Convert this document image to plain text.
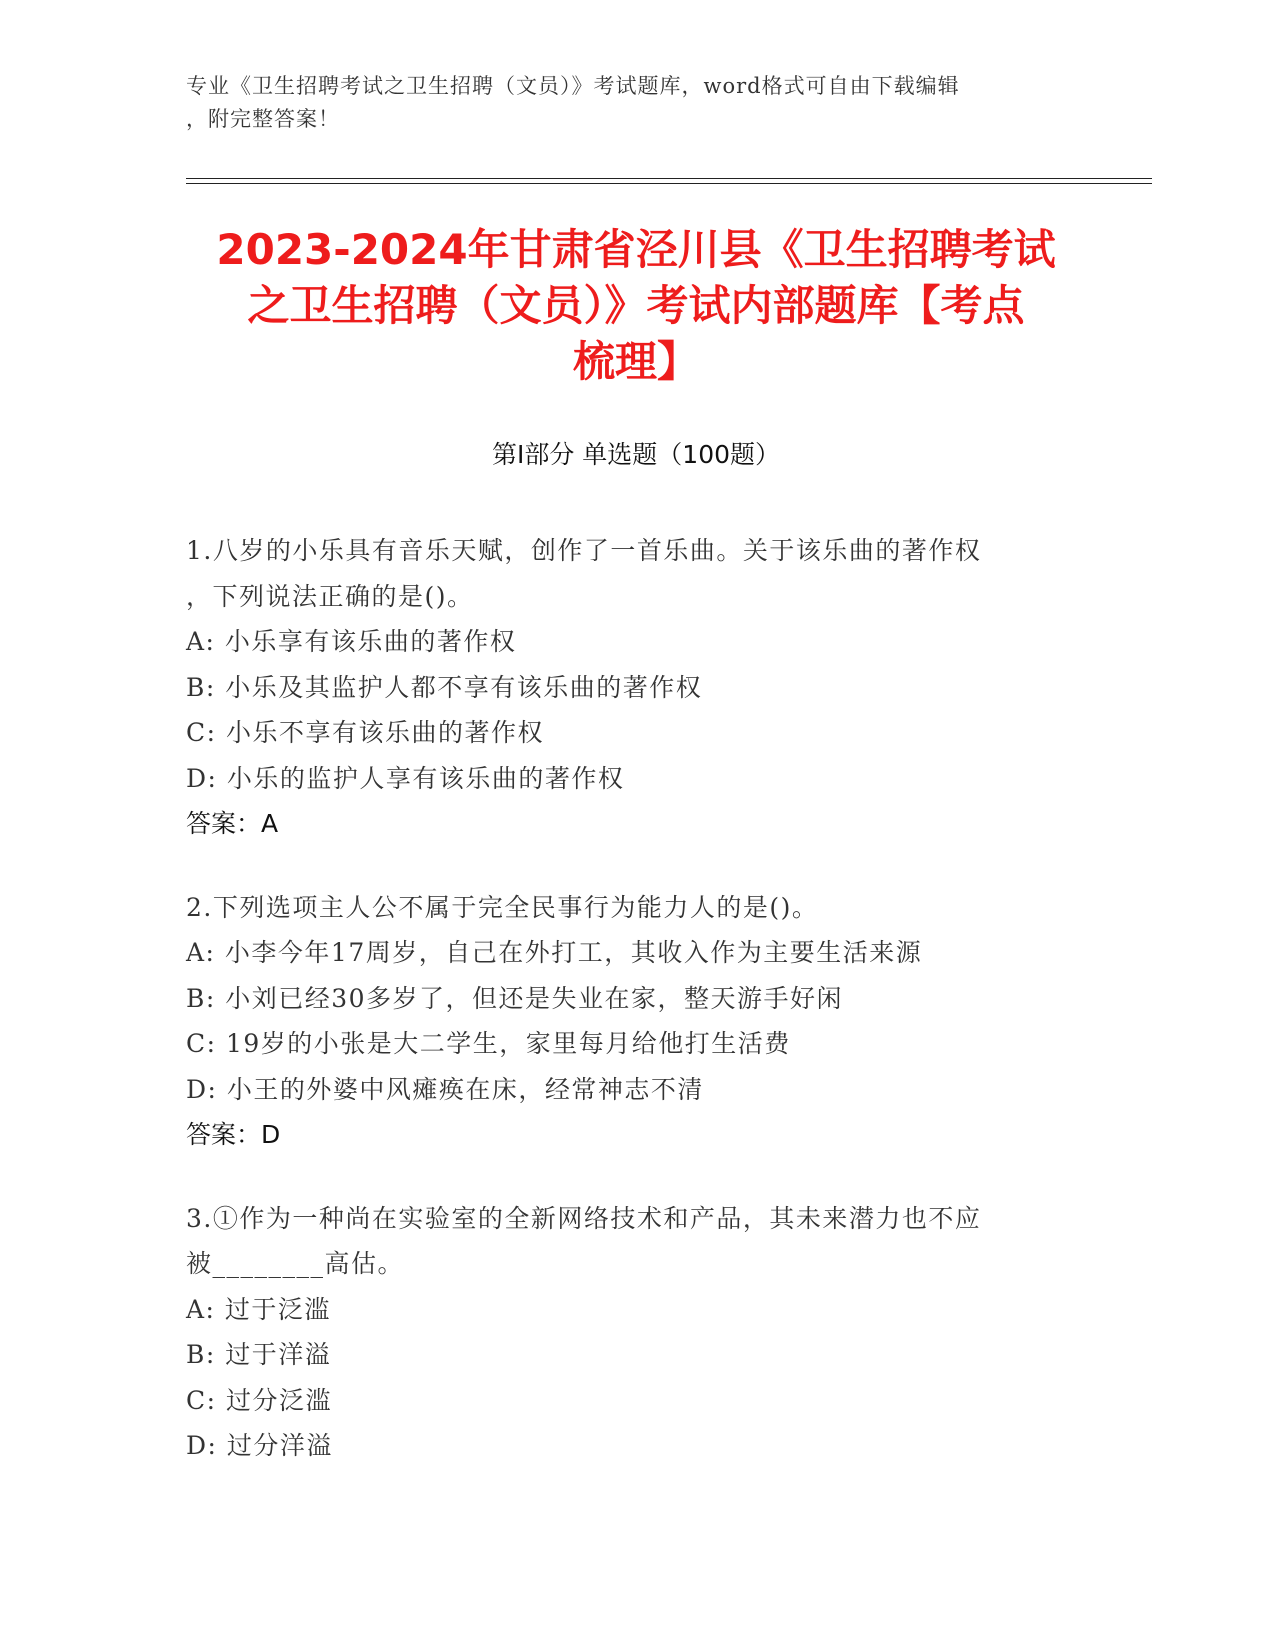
专业《卫生招聘考试之卫生招聘（文员）》考试题库，word格式可自由下载编辑
，附完整答案！
2023-2024年甘肃省泾川县《卫生招聘考试
之卫生招聘（文员）》考试内部题库【考点
梳理】
第Ⅰ部分 单选题（100题）
1.八岁的小乐具有音乐天赋，创作了一首乐曲。关于该乐曲的著作权
，下列说法正确的是()。
A: 小乐享有该乐曲的著作权
B: 小乐及其监护人都不享有该乐曲的著作权
C: 小乐不享有该乐曲的著作权
D: 小乐的监护人享有该乐曲的著作权
答案：A
2.下列选项主人公不属于完全民事行为能力人的是()。
A: 小李今年17周岁，自己在外打工，其收入作为主要生活来源
B: 小刘已经30多岁了，但还是失业在家，整天游手好闲
C: 19岁的小张是大二学生，家里每月给他打生活费
D: 小王的外婆中风瘫痪在床，经常神志不清
答案：D
3.①作为一种尚在实验室的全新网络技术和产品，其未来潜力也不应
被________高估。
A: 过于泛滥
B: 过于洋溢
C: 过分泛滥
D: 过分洋溢
